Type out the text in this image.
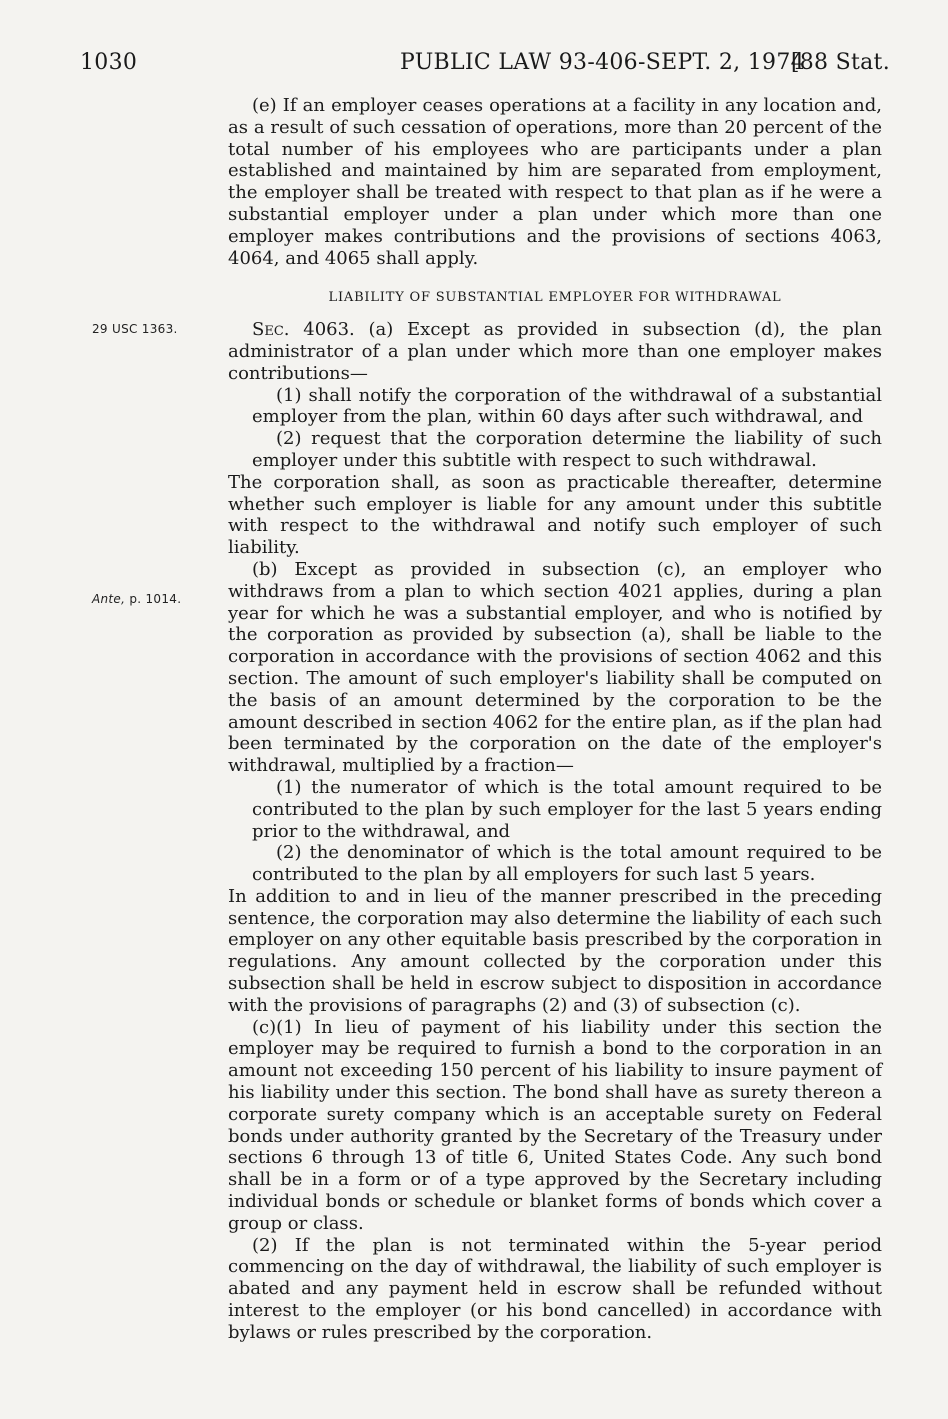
1030	PUBLIC LAW 93-406-SEPT. 2, 1974
[88 Stat.
29 USC 1363.
Ante, p. 1014.

(e) If an employer ceases operations at a facility in any location and, as a result of such cessation of operations, more than 20 percent of the total number of his employees who are participants under a plan established and maintained by him are separated from employment, the employer shall be treated with respect to that plan as if he were a substantial employer under a plan under which more than one employer makes contributions and the provisions of sections 4063, 4064, and 4065 shall apply.

LIABILITY OF SUBSTANTIAL EMPLOYER FOR WITHDRAWAL

Sec. 4063. (a) Except as provided in subsection (d), the plan administrator of a plan under which more than one employer makes contributions—

(1) shall notify the corporation of the withdrawal of a substantial employer from the plan, within 60 days after such withdrawal, and

(2) request that the corporation determine the liability of such employer under this subtitle with respect to such withdrawal.

The corporation shall, as soon as practicable thereafter, determine whether such employer is liable for any amount under this subtitle with respect to the withdrawal and notify such employer of such liability.

(b) Except as provided in subsection (c), an employer who withdraws from a plan to which section 4021 applies, during a plan year for which he was a substantial employer, and who is notified by the corporation as provided by subsection (a), shall be liable to the corporation in accordance with the provisions of section 4062 and this section. The amount of such employer's liability shall be computed on the basis of an amount determined by the corporation to be the amount described in section 4062 for the entire plan, as if the plan had been terminated by the corporation on the date of the employer's withdrawal, multiplied by a fraction—

(1) the numerator of which is the total amount required to be contributed to the plan by such employer for the last 5 years ending prior to the withdrawal, and

(2) the denominator of which is the total amount required to be contributed to the plan by all employers for such last 5 years.

In addition to and in lieu of the manner prescribed in the preceding sentence, the corporation may also determine the liability of each such employer on any other equitable basis prescribed by the corporation in regulations. Any amount collected by the corporation under this subsection shall be held in escrow subject to disposition in accordance with the provisions of paragraphs (2) and (3) of subsection (c).

(c)(1) In lieu of payment of his liability under this section the employer may be required to furnish a bond to the corporation in an amount not exceeding 150 percent of his liability to insure payment of his liability under this section. The bond shall have as surety thereon a corporate surety company which is an acceptable surety on Federal bonds under authority granted by the Secretary of the Treasury under sections 6 through 13 of title 6, United States Code. Any such bond shall be in a form or of a type approved by the Secretary including individual bonds or schedule or blanket forms of bonds which cover a group or class.

(2) If the plan is not terminated within the 5-year period commencing on the day of withdrawal, the liability of such employer is abated and any payment held in escrow shall be refunded without interest to the employer (or his bond cancelled) in accordance with bylaws or rules prescribed by the corporation.
